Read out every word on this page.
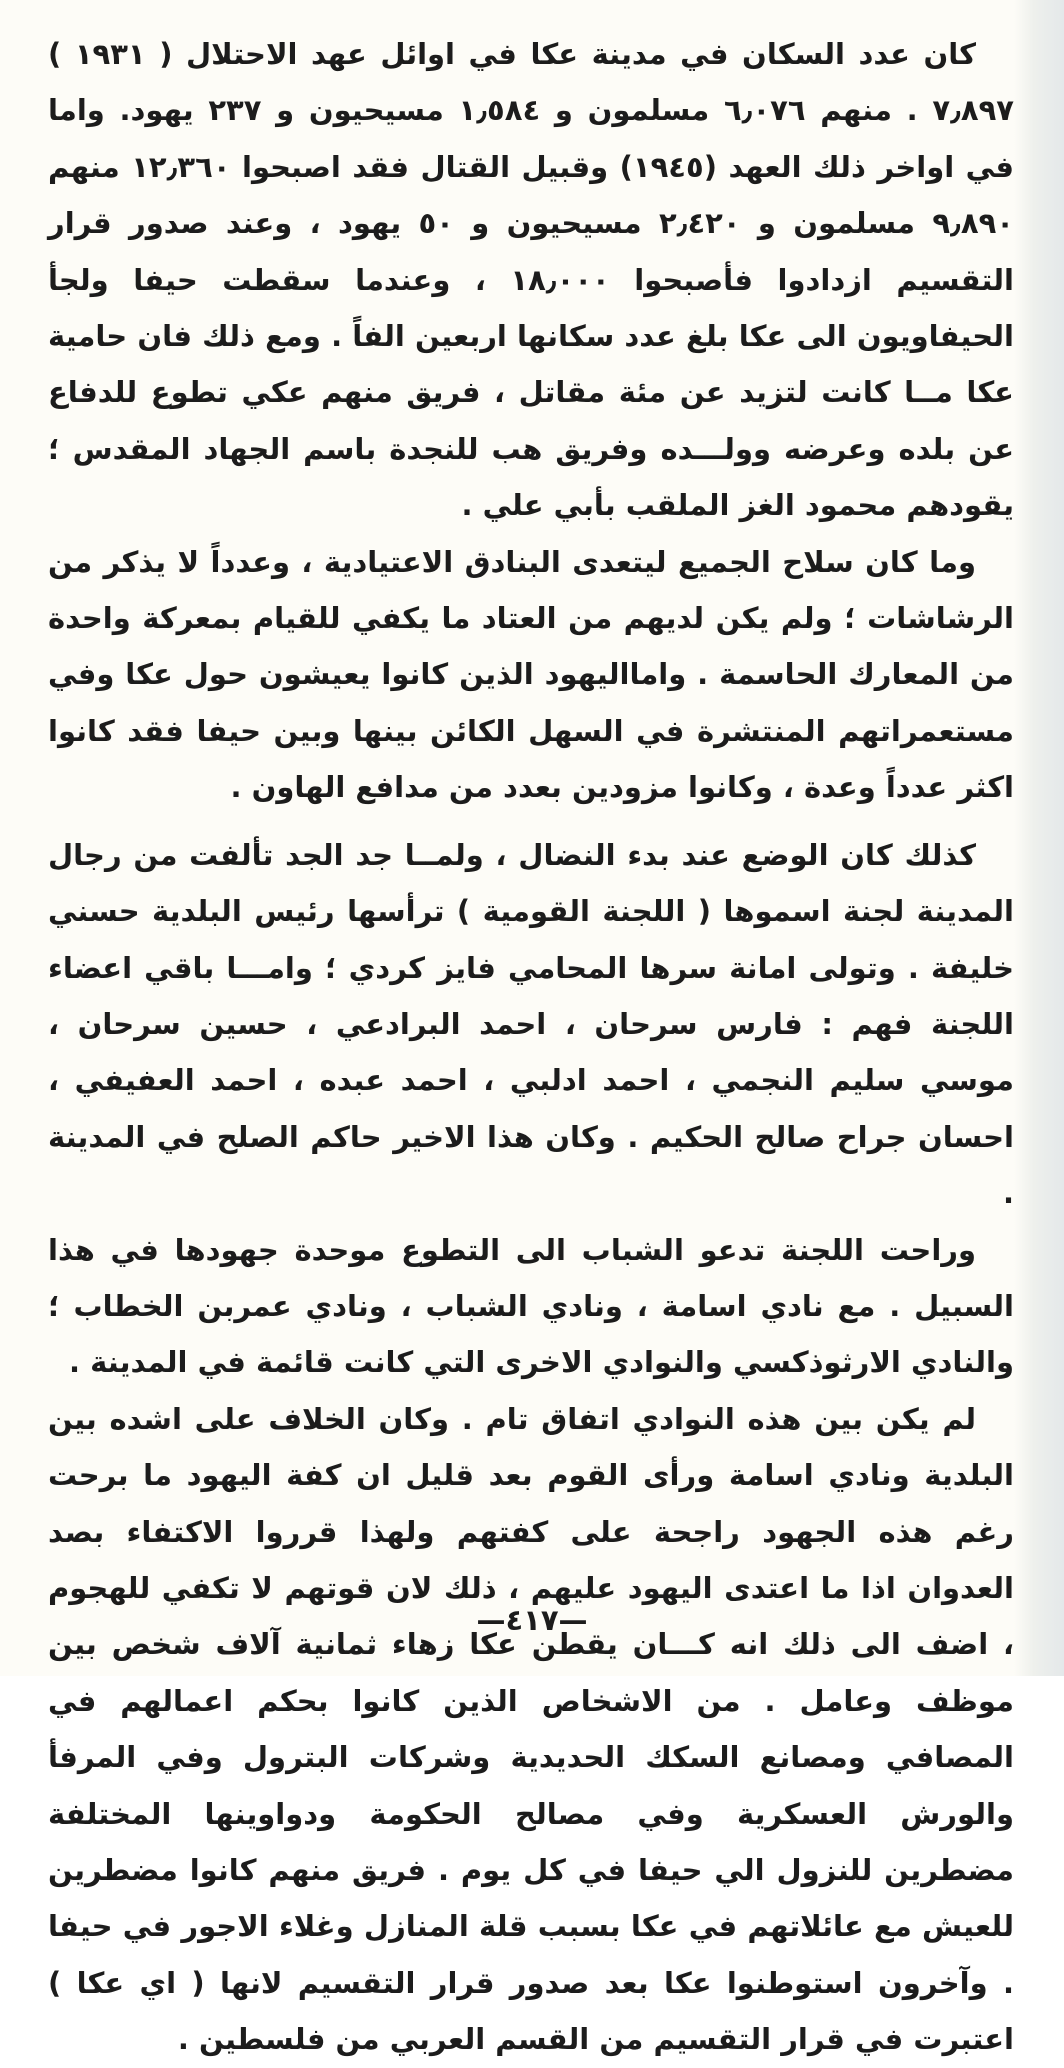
كان عدد السكان في مدينة عكا في اوائل عهد الاحتلال ( ١٩٣١ ) ٧٫٨٩٧ . منهم ٦٫٠٧٦ مسلمون و ١٫٥٨٤ مسيحيون و ٢٣٧ يهود. واما في اواخر ذلك العهد (١٩٤٥) وقبيل القتال فقد اصبحوا ١٢٫٣٦٠ منهم ٩٫٨٩٠ مسلمون و ٢٫٤٢٠ مسيحيون و ٥٠ يهود ، وعند صدور قرار التقسيم ازدادوا فأصبحوا ١٨٫٠٠٠ ، وعندما سقطت حيفا ولجأ الحيفاويون الى عكا بلغ عدد سكانها اربعين الفاً . ومع ذلك فان حامية عكا مــا كانت لتزيد عن مئة مقاتل ، فريق منهم عكي تطوع للدفاع عن بلده وعرضه وولـــده وفريق هب للنجدة باسم الجهاد المقدس ؛ يقودهم محمود الغز الملقب بأبي علي .

وما كان سلاح الجميع ليتعدى البنادق الاعتيادية ، وعدداً لا يذكر من الرشاشات ؛ ولم يكن لديهم من العتاد ما يكفي للقيام بمعركة واحدة من المعارك الحاسمة . واماالیهود الذين كانوا يعيشون حول عكا وفي مستعمراتهم المنتشرة في السهل الكائن بينها وبين حيفا فقد كانوا اكثر عدداً وعدة ، وكانوا مزودين بعدد من مدافع الهاون .

كذلك كان الوضع عند بدء النضال ، ولمــا جد الجد تألفت من رجال المدينة لجنة اسموها ( اللجنة القومية ) ترأسها رئيس البلدية حسني خليفة . وتولى امانة سرها المحامي فايز كردي ؛ وامـــا باقي اعضاء اللجنة فهم : فارس سرحان ، احمد البرادعي ، حسين سرحان ، موسي سليم النجمي ، احمد ادلبي ، احمد عبده ، احمد العفيفي ، احسان جراح صالح الحكيم . وكان هذا الاخير حاكم الصلح في المدينة .

وراحت اللجنة تدعو الشباب الى التطوع موحدة جهودها في هذا السبيل . مع نادي اسامة ، ونادي الشباب ، ونادي عمربن الخطاب ؛ والنادي الارثوذكسي والنوادي الاخرى التي كانت قائمة في المدينة .

لم يكن بين هذه النوادي اتفاق تام . وكان الخلاف على اشده بين البلدية ونادي اسامة ورأى القوم بعد قليل ان كفة اليهود ما برحت رغم هذه الجهود راجحة على كفتهم ولهذا قرروا الاكتفاء بصد العدوان اذا ما اعتدى اليهود عليهم ، ذلك لان قوتهم لا تكفي للهجوم ، اضف الى ذلك انه كـــان يقطن عكا زهاء ثمانية آلاف شخص بين موظف وعامل . من الاشخاص الذين كانوا بحكم اعمالهم في المصافي ومصانع السكك الحديدية وشركات البترول وفي المرفأ والورش العسكرية وفي مصالح الحكومة ودواوينها المختلفة مضطرين للنزول الي حيفا في كل يوم . فريق منهم كانوا مضطرين للعيش مع عائلاتهم في عكا بسبب قلة المنازل وغلاء الاجور في حيفا . وآخرون استوطنوا عكا بعد صدور قرار التقسيم لانها ( اي عكا ) اعتبرت في قرار التقسيم من القسم العربي من فلسطين .

—٤١٧—
